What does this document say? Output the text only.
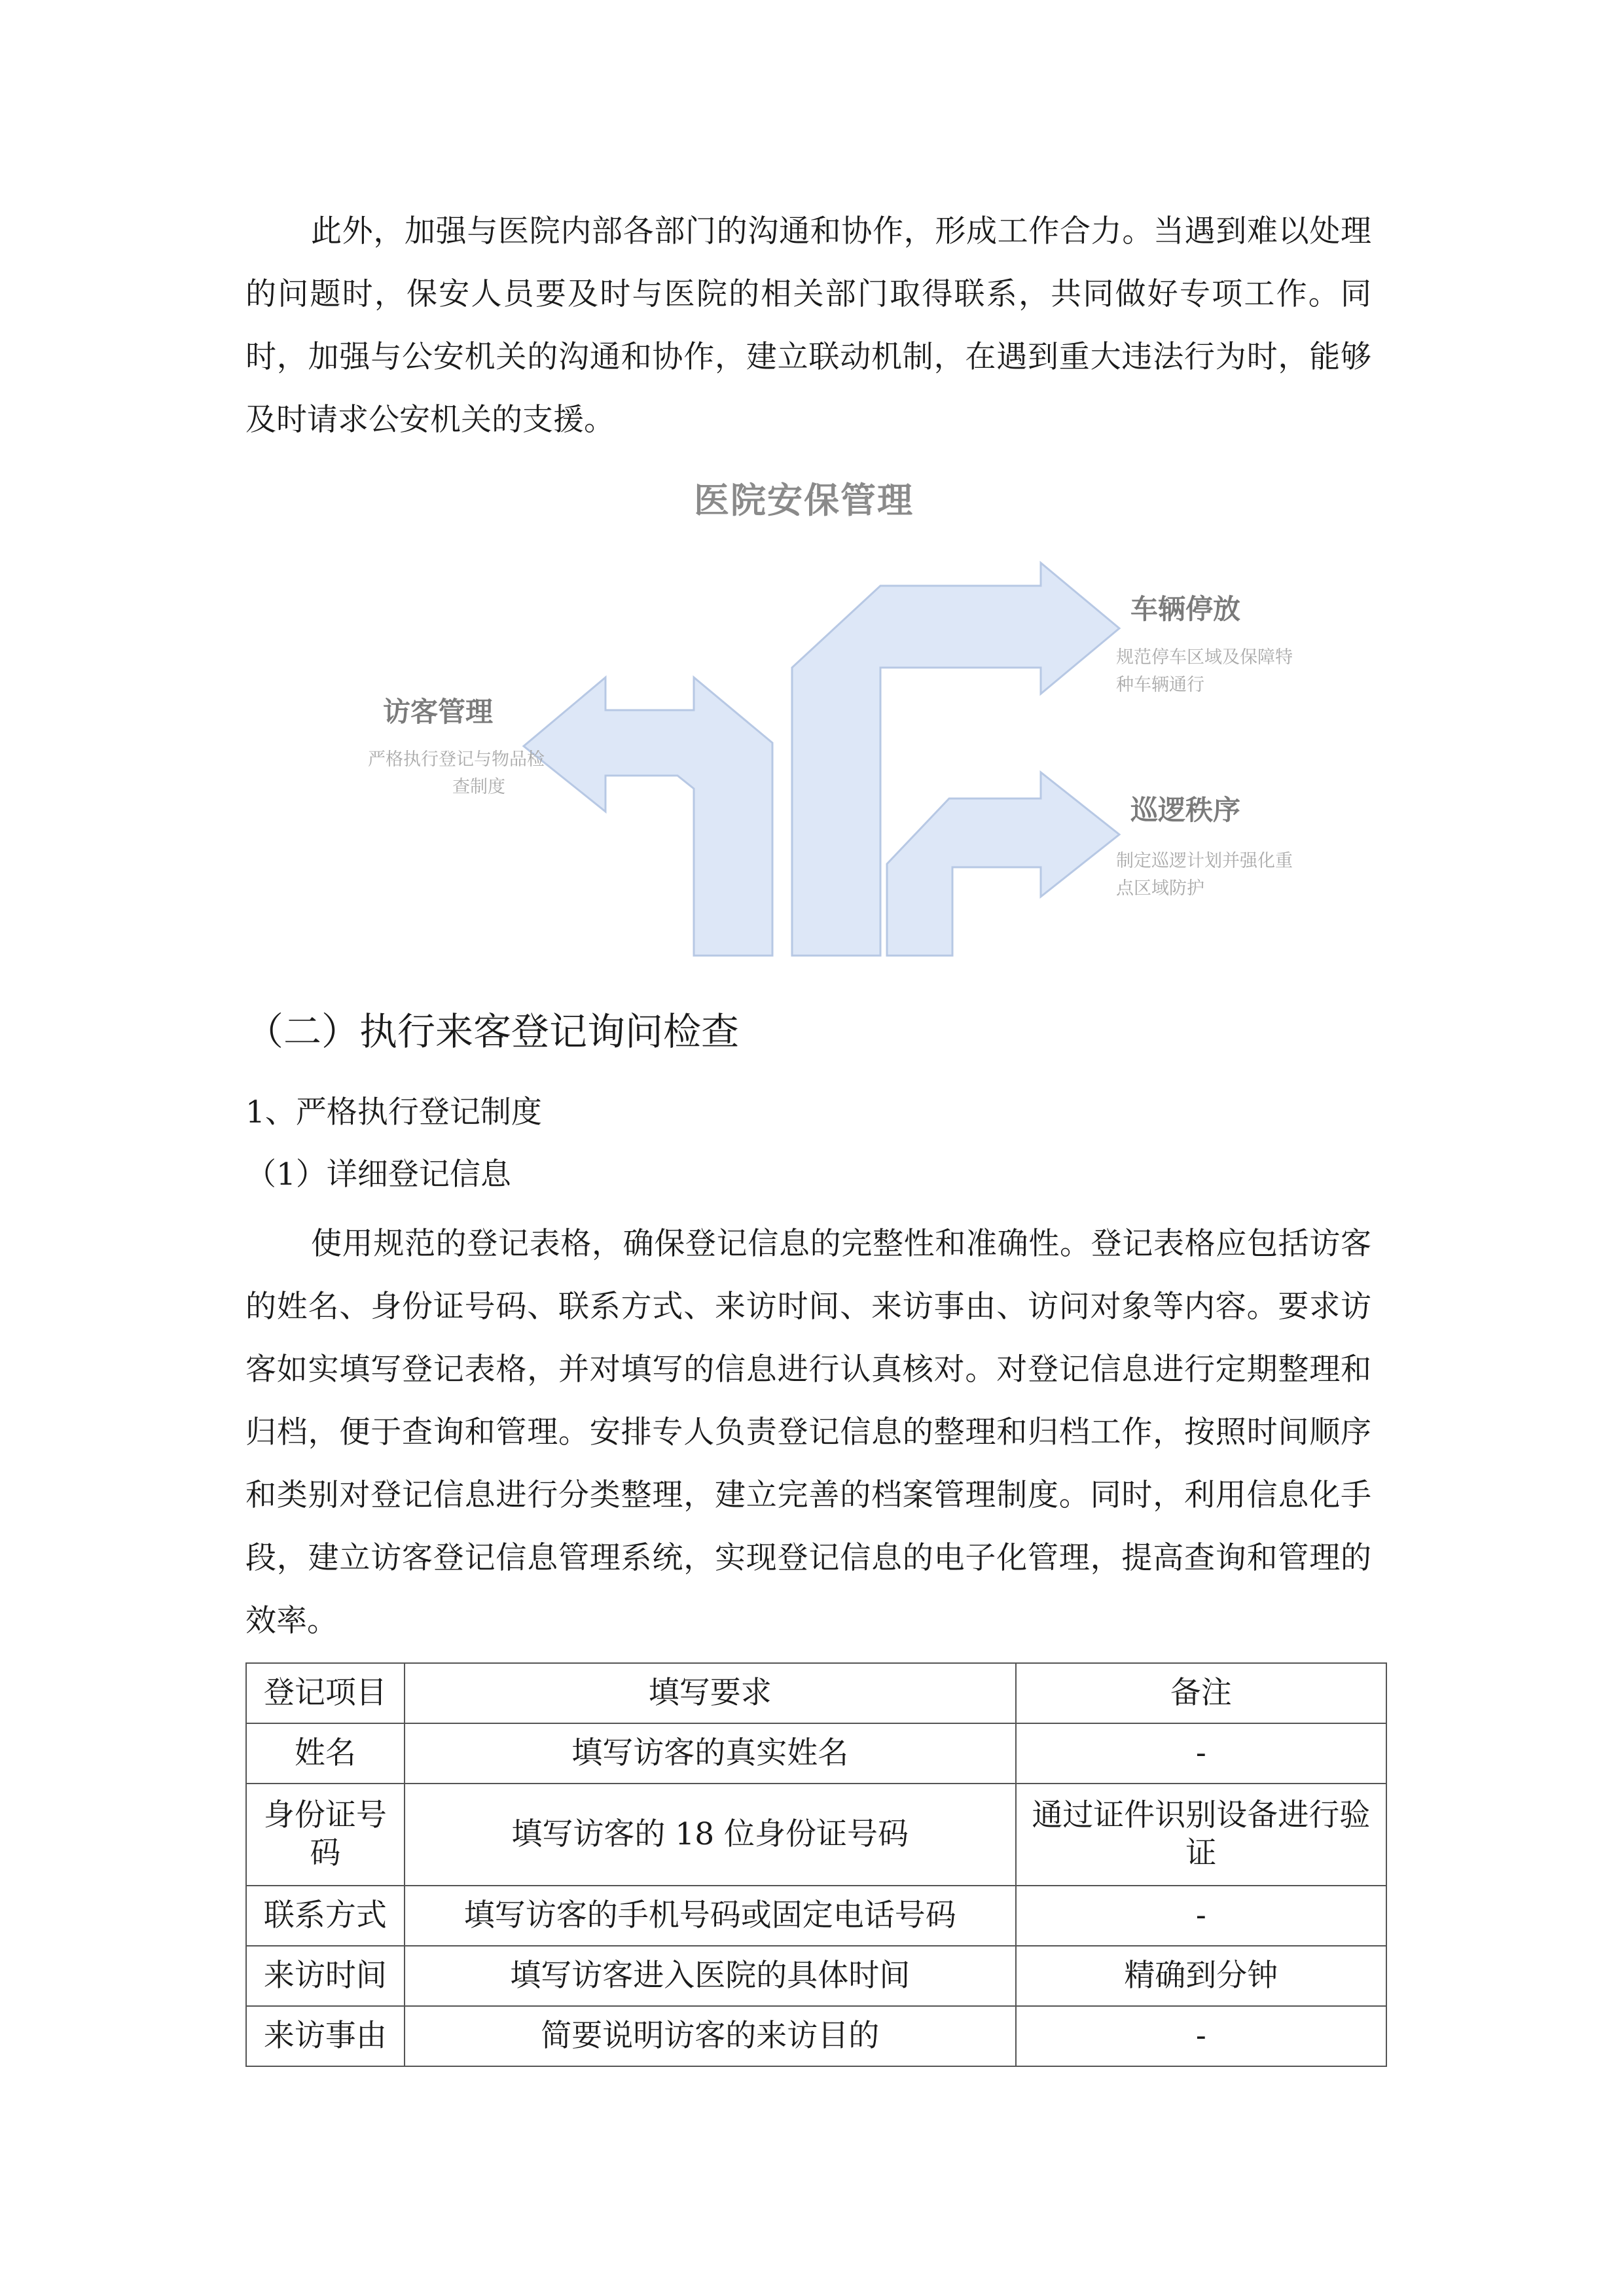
此外，加强与医院内部各部门的沟通和协作，形成工作合力。当遇到难以处理的问题时，保安人员要及时与医院的相关部门取得联系，共同做好专项工作。同时，加强与公安机关的沟通和协作，建立联动机制，在遇到重大违法行为时，能够及时请求公安机关的支援。

医院安保管理
访客管理
严格执行登记与物品检
查制度
车辆停放
规范停车区域及保障特
种车辆通行
巡逻秩序
制定巡逻计划并强化重
点区域防护
（二）执行来客登记询问检查
1、严格执行登记制度
（1）详细登记信息

使用规范的登记表格，确保登记信息的完整性和准确性。登记表格应包括访客的姓名、身份证号码、联系方式、来访时间、来访事由、访问对象等内容。要求访客如实填写登记表格，并对填写的信息进行认真核对。对登记信息进行定期整理和归档，便于查询和管理。安排专人负责登记信息的整理和归档工作，按照时间顺序和类别对登记信息进行分类整理，建立完善的档案管理制度。同时，利用信息化手段，建立访客登记信息管理系统，实现登记信息的电子化管理，提高查询和管理的效率。

登记项目	填写要求	备注
姓名	填写访客的真实姓名	-
身份证号码	填写访客的 18 位身份证号码	通过证件识别设备进行验证
联系方式	填写访客的手机号码或固定电话号码	-
来访时间	填写访客进入医院的具体时间	精确到分钟
来访事由	简要说明访客的来访目的	-
